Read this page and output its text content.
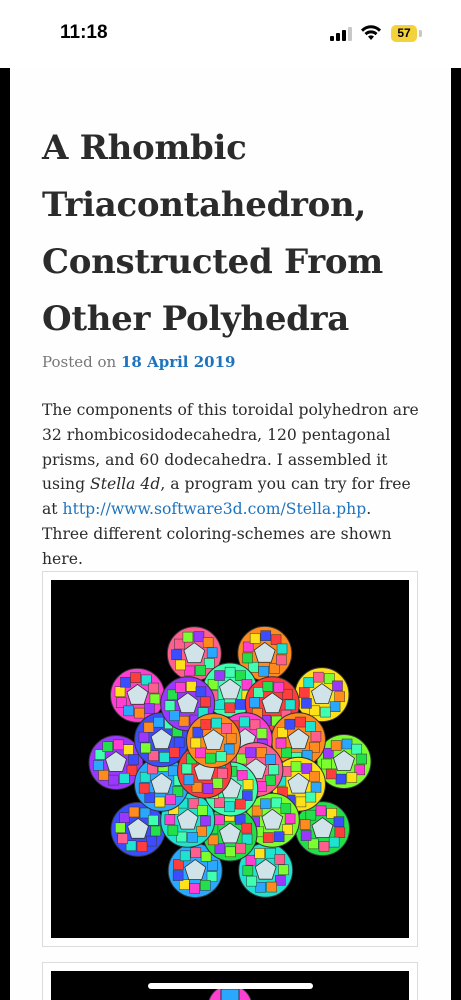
11:18	57
A Rhombic Triacontahedron, Constructed From Other Polyhedra
Posted on 18 April 2019

The components of this toroidal polyhedron are 32 rhombicosidodecahedra, 120 pentagonal prisms, and 60 dodecahedra. I assembled it using Stella 4d, a program you can try for free at http://www.software3d.com/Stella.php. Three different coloring-schemes are shown here.
